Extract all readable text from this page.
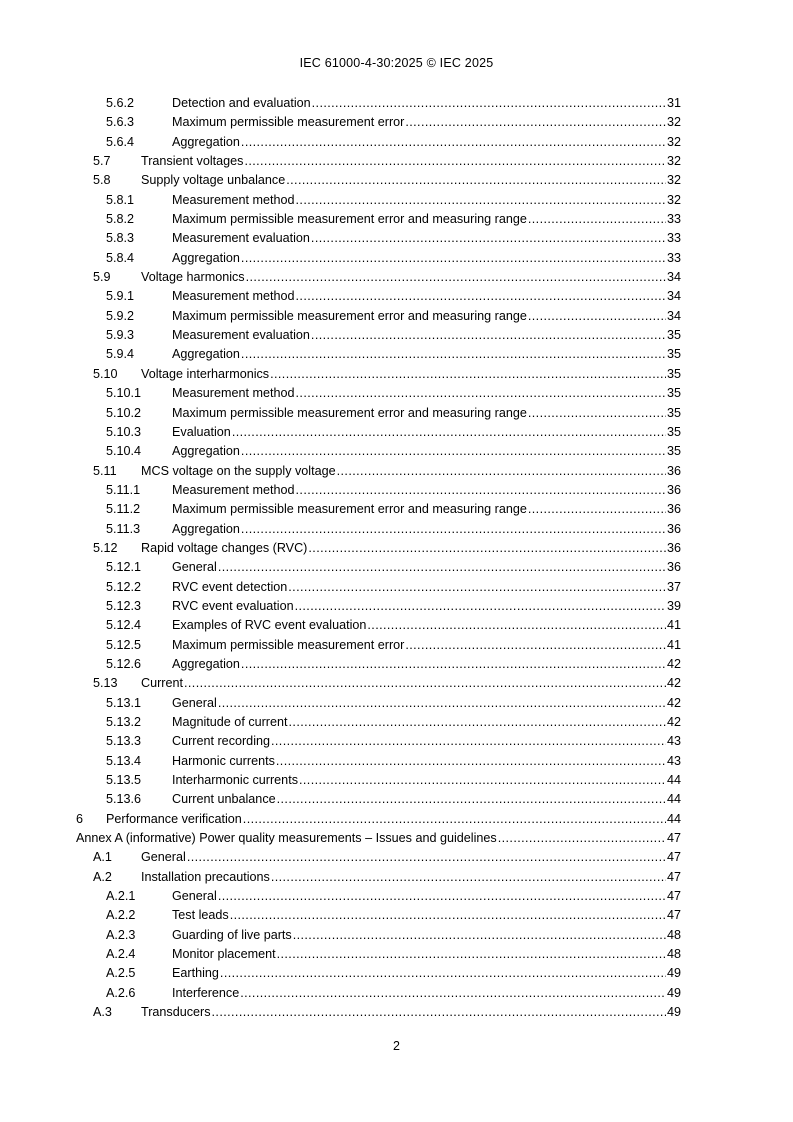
IEC 61000-4-30:2025 © IEC 2025
5.6.2	Detection and evaluation .....	31
5.6.3	Maximum permissible measurement error .....	32
5.6.4	Aggregation .....	32
5.7 Transient voltages .....	32
5.8 Supply voltage unbalance .....	32
5.8.1	Measurement method .....	32
5.8.2	Maximum permissible measurement error and measuring range .....	33
5.8.3	Measurement evaluation .....	33
5.8.4	Aggregation .....	33
5.9 Voltage harmonics .....	34
5.9.1	Measurement method .....	34
5.9.2	Maximum permissible measurement error and measuring range .....	34
5.9.3	Measurement evaluation .....	35
5.9.4	Aggregation .....	35
5.10 Voltage interharmonics .....	35
5.10.1 Measurement method .....	35
5.10.2 Maximum permissible measurement error and measuring range .....	35
5.10.3 Evaluation .....	35
5.10.4 Aggregation .....	35
5.11 MCS voltage on the supply voltage .....	36
5.11.1	Measurement method .....	36
5.11.2	Maximum permissible measurement error and measuring range .....	36
5.11.3	Aggregation .....	36
5.12 Rapid voltage changes (RVC) .....	36
5.12.1 General .....	36
5.12.2 RVC event detection .....	37
5.12.3 RVC event evaluation .....	39
5.12.4 Examples of RVC event evaluation .....	41
5.12.5 Maximum permissible measurement error .....	41
5.12.6 Aggregation .....	42
5.13 Current .....	42
5.13.1 General .....	42
5.13.2 Magnitude of current .....	42
5.13.3 Current recording .....	43
5.13.4 Harmonic currents .....	43
5.13.5 Interharmonic currents .....	44
5.13.6 Current unbalance .....	44
6 Performance verification .....	44
Annex A (informative) Power quality measurements – Issues and guidelines .....	47
A.1 General .....	47
A.2 Installation precautions .....	47
A.2.1	General .....	47
A.2.2	Test leads .....	47
A.2.3	Guarding of live parts .....	48
A.2.4	Monitor placement .....	48
A.2.5	Earthing .....	49
A.2.6	Interference .....	49
A.3 Transducers .....	49
2
